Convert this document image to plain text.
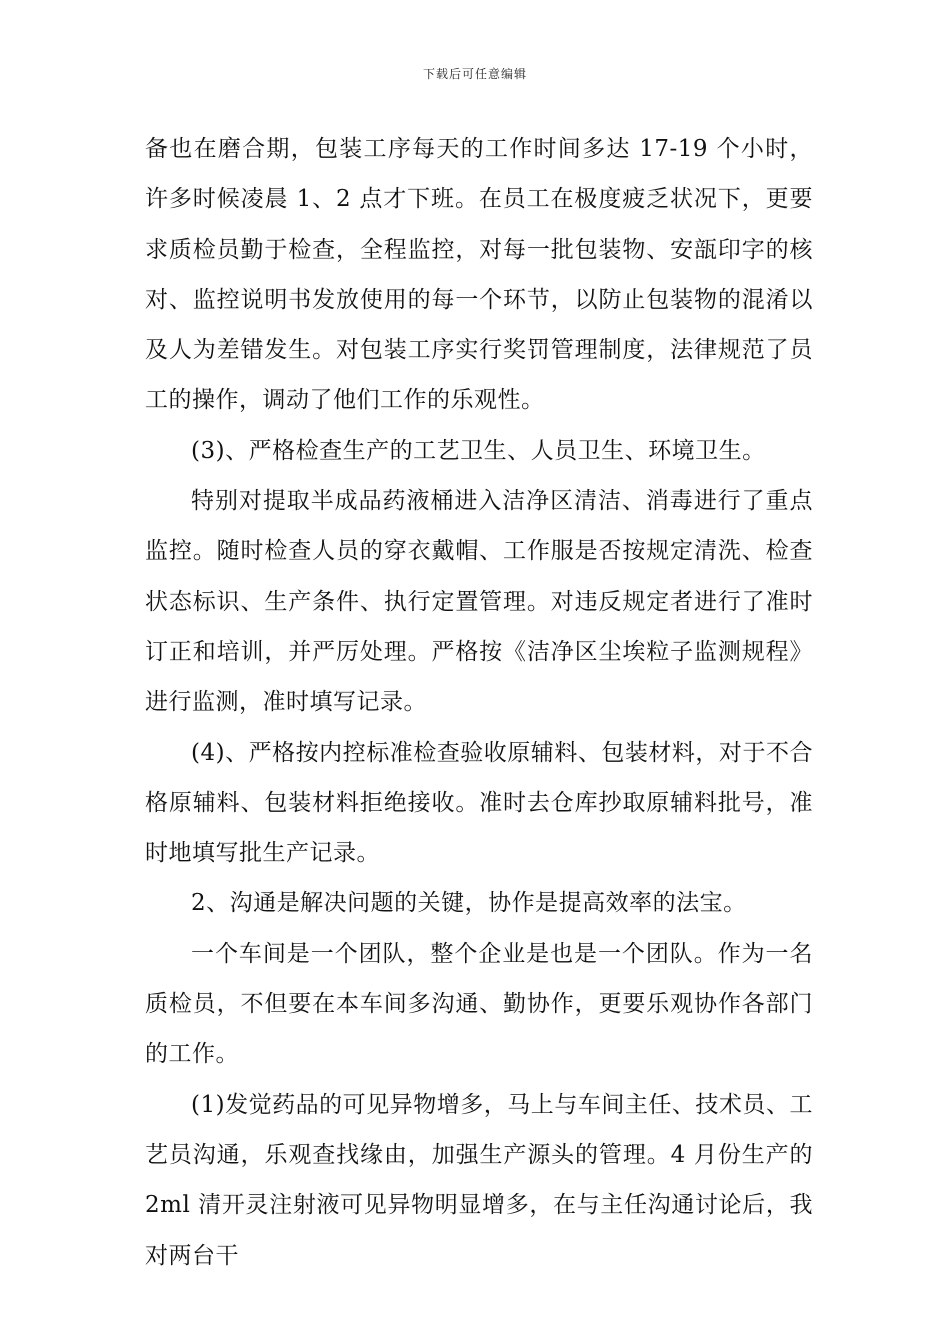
下载后可任意编辑

备也在磨合期，包装工序每天的工作时间多达 17-19 个小时，许多时候凌晨 1、2 点才下班。在员工在极度疲乏状况下，更要求质检员勤于检查，全程监控，对每一批包装物、安瓿印字的核对、监控说明书发放使用的每一个环节，以防止包装物的混淆以及人为差错发生。对包装工序实行奖罚管理制度，法律规范了员工的操作，调动了他们工作的乐观性。

(3)、严格检查生产的工艺卫生、人员卫生、环境卫生。

特别对提取半成品药液桶进入洁净区清洁、消毒进行了重点监控。随时检查人员的穿衣戴帽、工作服是否按规定清洗、检查状态标识、生产条件、执行定置管理。对违反规定者进行了准时订正和培训，并严厉处理。严格按《洁净区尘埃粒子监测规程》进行监测，准时填写记录。

(4)、严格按内控标准检查验收原辅料、包装材料，对于不合格原辅料、包装材料拒绝接收。准时去仓库抄取原辅料批号，准时地填写批生产记录。

2、沟通是解决问题的关键，协作是提高效率的法宝。

一个车间是一个团队，整个企业是也是一个团队。作为一名质检员，不但要在本车间多沟通、勤协作，更要乐观协作各部门的工作。

(1)发觉药品的可见异物增多，马上与车间主任、技术员、工艺员沟通，乐观查找缘由，加强生产源头的管理。4 月份生产的 2ml 清开灵注射液可见异物明显增多，在与主任沟通讨论后，我对两台干
